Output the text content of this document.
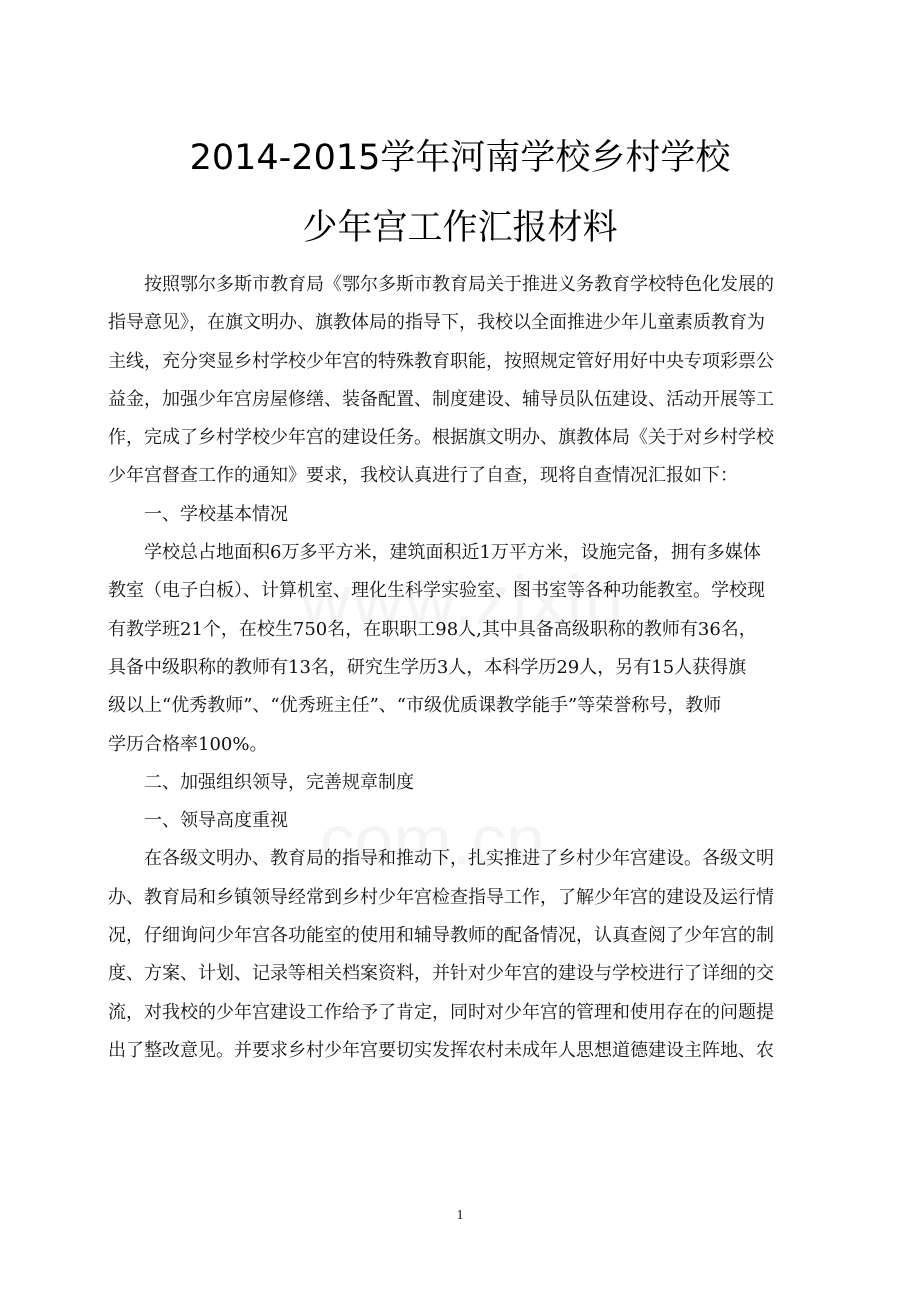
2014-2015学年河南学校乡村学校
少年宫工作汇报材料
　　按照鄂尔多斯市教育局《鄂尔多斯市教育局关于推进义务教育学校特色化发展的
指导意见》，在旗文明办、旗教体局的指导下，我校以全面推进少年儿童素质教育为
主线，充分突显乡村学校少年宫的特殊教育职能，按照规定管好用好中央专项彩票公
益金，加强少年宫房屋修缮、装备配置、制度建设、辅导员队伍建设、活动开展等工
作，完成了乡村学校少年宫的建设任务。根据旗文明办、旗教体局《关于对乡村学校
少年宫督查工作的通知》要求，我校认真进行了自查，现将自查情况汇报如下：
　　一、学校基本情况
　　学校总占地面积6万多平方米，建筑面积近1万平方米，设施完备，拥有多媒体
教室（电子白板）、计算机室、理化生科学实验室、图书室等各种功能教室。学校现
有教学班21个，在校生750名，在职职工98人,其中具备高级职称的教师有36名，
具备中级职称的教师有13名，研究生学历3人，本科学历29人，另有15人获得旗
级以上“优秀教师”、“优秀班主任”、“市级优质课教学能手”等荣誉称号，教师
学历合格率100%。
　　二、加强组织领导，完善规章制度
　　一、领导高度重视
　　在各级文明办、教育局的指导和推动下，扎实推进了乡村少年宫建设。各级文明
办、教育局和乡镇领导经常到乡村少年宫检查指导工作，了解少年宫的建设及运行情
况，仔细询问少年宫各功能室的使用和辅导教师的配备情况，认真查阅了少年宫的制
度、方案、计划、记录等相关档案资料，并针对少年宫的建设与学校进行了详细的交
流，对我校的少年宫建设工作给予了肯定，同时对少年宫的管理和使用存在的问题提
出了整改意见。并要求乡村少年宫要切实发挥农村未成年人思想道德建设主阵地、农
1
